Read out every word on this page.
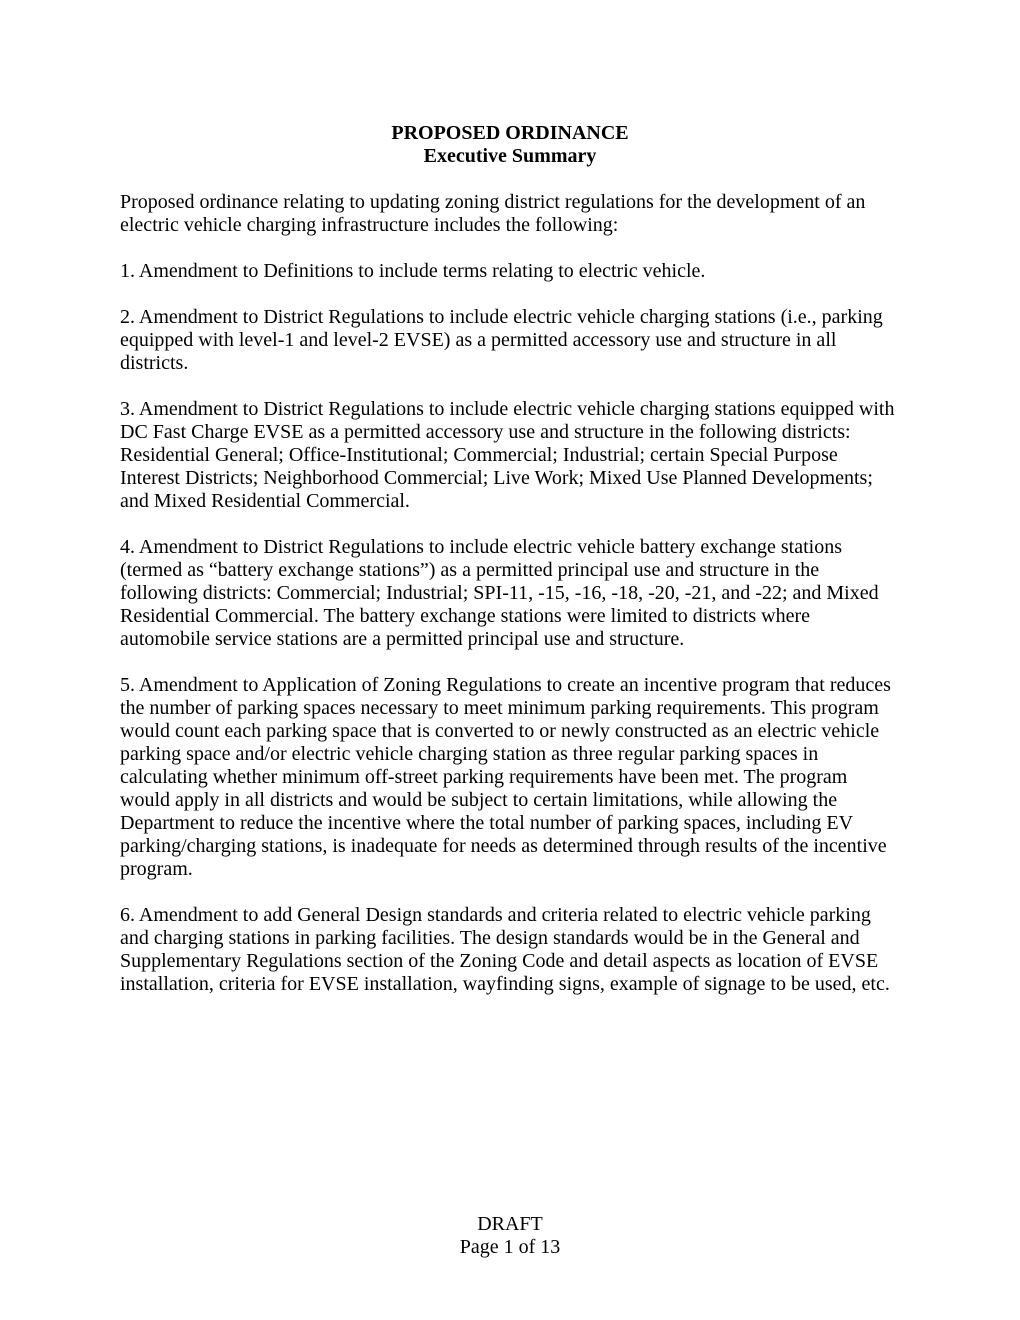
PROPOSED ORDINANCE
Executive Summary

Proposed ordinance relating to updating zoning district regulations for the development of an electric vehicle charging infrastructure includes the following:

1. Amendment to Definitions to include terms relating to electric vehicle.

2. Amendment to District Regulations to include electric vehicle charging stations (i.e., parking equipped with level-1 and level-2 EVSE) as a permitted accessory use and structure in all districts.

3. Amendment to District Regulations to include electric vehicle charging stations equipped with DC Fast Charge EVSE as a permitted accessory use and structure in the following districts: Residential General; Office-Institutional; Commercial; Industrial; certain Special Purpose Interest Districts; Neighborhood Commercial; Live Work; Mixed Use Planned Developments; and Mixed Residential Commercial.

4. Amendment to District Regulations to include electric vehicle battery exchange stations (termed as “battery exchange stations”) as a permitted principal use and structure in the following districts: Commercial; Industrial; SPI-11, -15, -16, -18, -20, -21, and -22; and Mixed Residential Commercial. The battery exchange stations were limited to districts where automobile service stations are a permitted principal use and structure.

5. Amendment to Application of Zoning Regulations to create an incentive program that reduces the number of parking spaces necessary to meet minimum parking requirements. This program would count each parking space that is converted to or newly constructed as an electric vehicle parking space and/or electric vehicle charging station as three regular parking spaces in calculating whether minimum off-street parking requirements have been met. The program would apply in all districts and would be subject to certain limitations, while allowing the Department to reduce the incentive where the total number of parking spaces, including EV parking/charging stations, is inadequate for needs as determined through results of the incentive program.

6. Amendment to add General Design standards and criteria related to electric vehicle parking and charging stations in parking facilities. The design standards would be in the General and Supplementary Regulations section of the Zoning Code and detail aspects as location of EVSE installation, criteria for EVSE installation, wayfinding signs, example of signage to be used, etc.

DRAFT
Page 1 of 13
